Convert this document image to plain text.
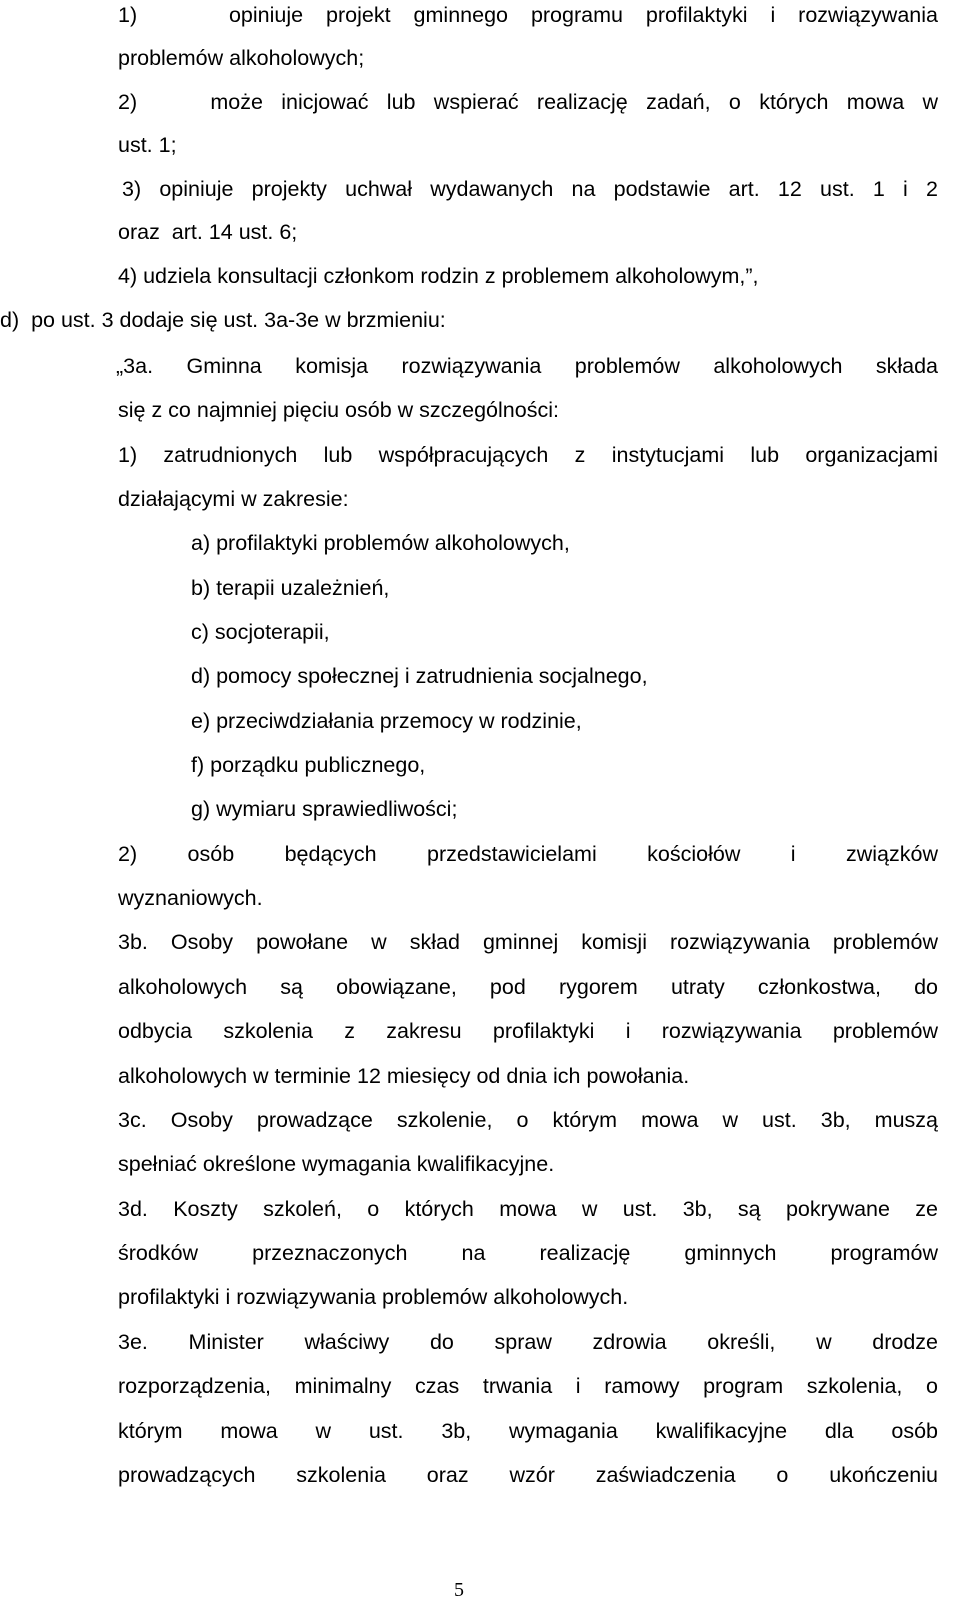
1)    opiniuje projekt gminnego programu profilaktyki i rozwiązywania
problemów alkoholowych;
2)    może inicjować lub wspierać realizację zadań, o których mowa w
ust. 1;
3) opiniuje projekty uchwał wydawanych na podstawie art. 12 ust. 1 i 2
oraz  art. 14 ust. 6;
4) udziela konsultacji członkom rodzin z problemem alkoholowym,”,
d)  po ust. 3 dodaje się ust. 3a-3e w brzmieniu:
„3a. Gminna komisja rozwiązywania problemów alkoholowych składa
się z co najmniej pięciu osób w szczególności:
1) zatrudnionych lub współpracujących z instytucjami lub organizacjami
działającymi w zakresie:
a) profilaktyki problemów alkoholowych,
b) terapii uzależnień,
c) socjoterapii,
d) pomocy społecznej i zatrudnienia socjalnego,
e) przeciwdziałania przemocy w rodzinie,
f) porządku publicznego,
g) wymiaru sprawiedliwości;
2) osób będących przedstawicielami kościołów i związków
wyznaniowych.
3b. Osoby powołane w skład gminnej komisji rozwiązywania problemów
alkoholowych są obowiązane, pod rygorem utraty członkostwa, do
odbycia szkolenia z zakresu profilaktyki i rozwiązywania problemów
alkoholowych w terminie 12 miesięcy od dnia ich powołania.
3c. Osoby prowadzące szkolenie, o którym mowa w ust. 3b, muszą
spełniać określone wymagania kwalifikacyjne.
3d. Koszty szkoleń, o których mowa w ust. 3b, są pokrywane ze
środków przeznaczonych na realizację gminnych programów
profilaktyki i rozwiązywania problemów alkoholowych.
3e. Minister właściwy do spraw zdrowia określi, w drodze
rozporządzenia, minimalny czas trwania i ramowy program szkolenia, o
którym mowa w ust. 3b, wymagania kwalifikacyjne dla osób
prowadzących szkolenia oraz wzór zaświadczenia o ukończeniu
5
